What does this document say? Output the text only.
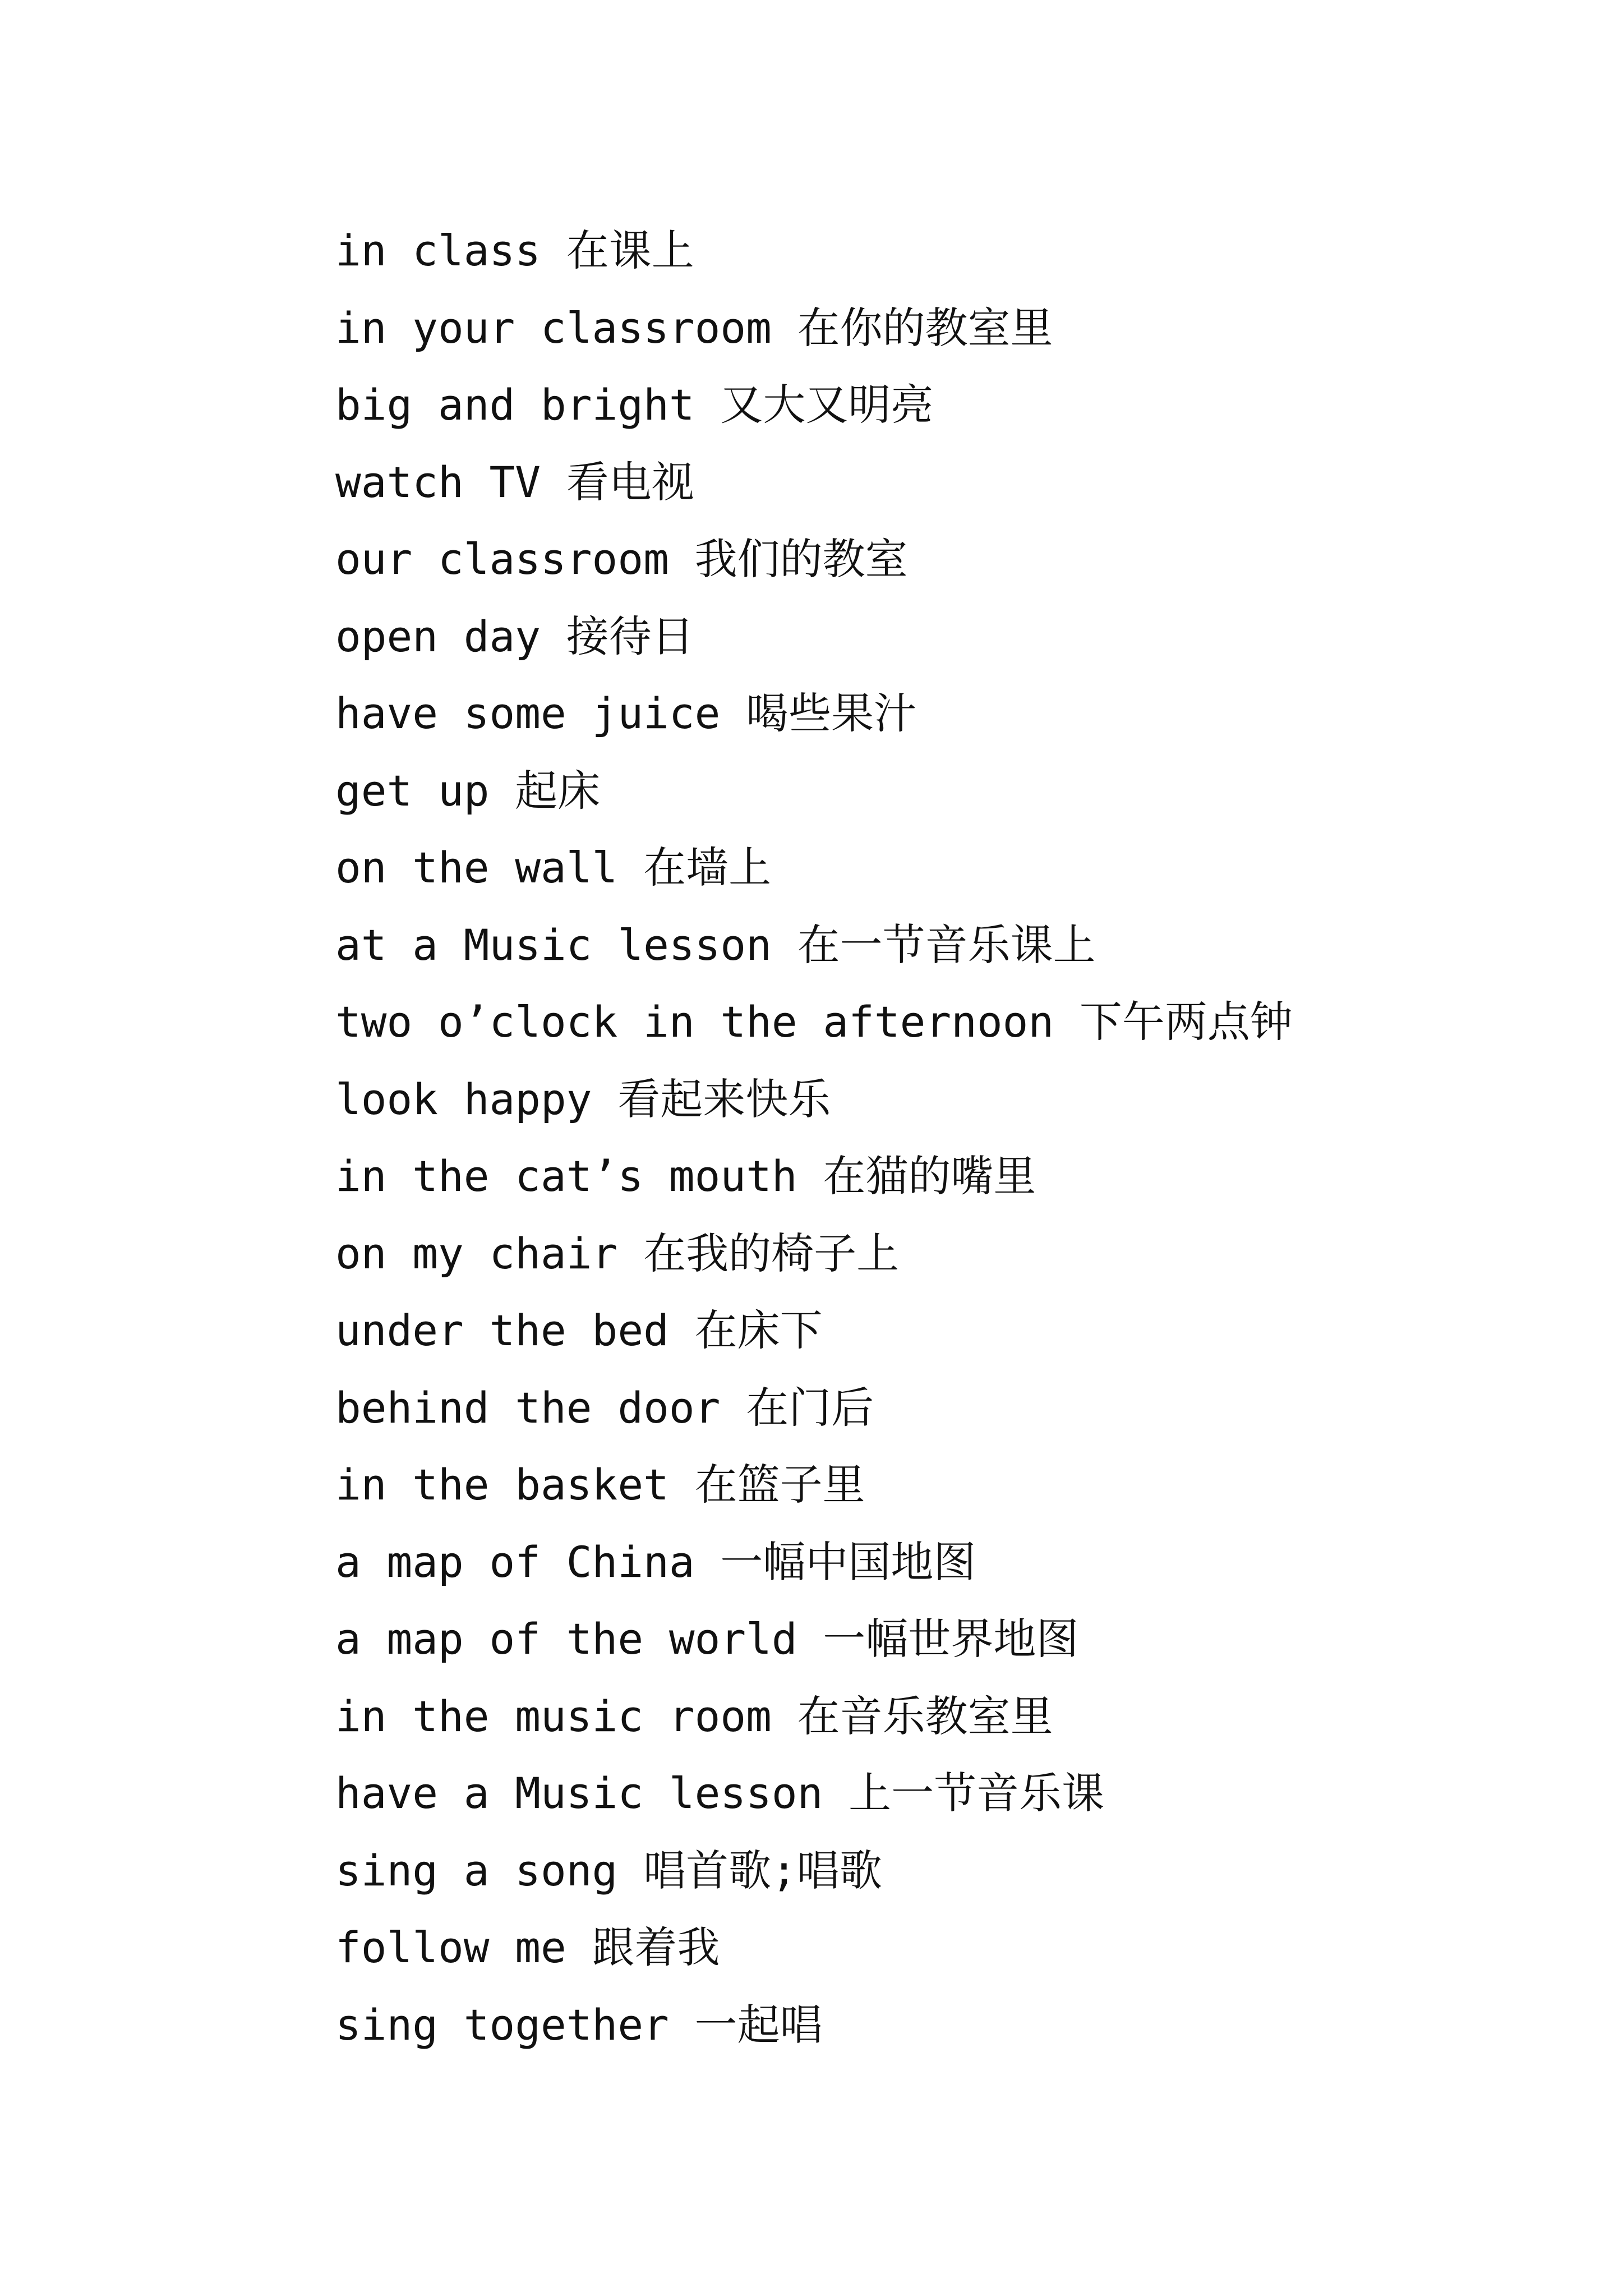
in class 在课上
in your classroom 在你的教室里
big and bright 又大又明亮
watch TV 看电视
our classroom 我们的教室
open day 接待日
have some juice 喝些果汁
get up 起床
on the wall 在墙上
at a Music lesson 在一节音乐课上
two o’clock in the afternoon 下午两点钟
look happy 看起来快乐
in the cat’s mouth 在猫的嘴里
on my chair 在我的椅子上
under the bed 在床下
behind the door 在门后
in the basket 在篮子里
a map of China 一幅中国地图
a map of the world 一幅世界地图
in the music room 在音乐教室里
have a Music lesson 上一节音乐课
sing a song 唱首歌;唱歌
follow me 跟着我
sing together 一起唱
